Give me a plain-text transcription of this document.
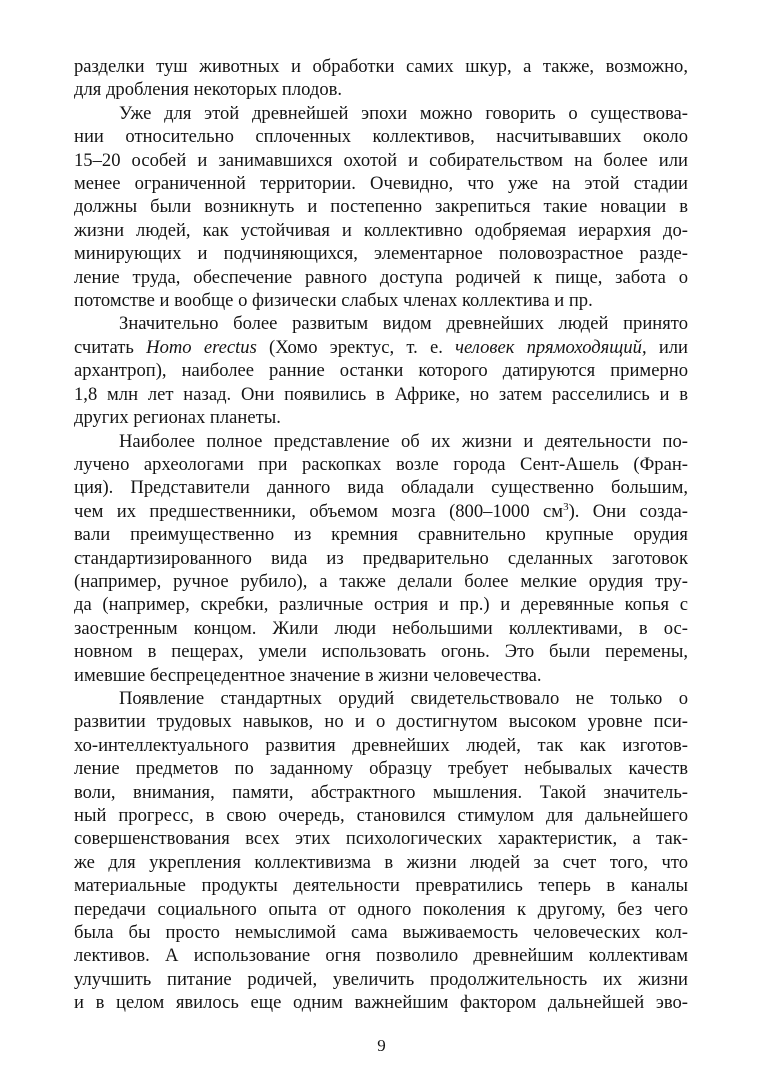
разделки туш животных и обработки самих шкур, а также, возможно,
для дробления некоторых плодов.

Уже для этой древнейшей эпохи можно говорить о существова-
нии относительно сплоченных коллективов, насчитывавших около
15–20 особей и занимавшихся охотой и собирательством на более или
менее ограниченной территории. Очевидно, что уже на этой стадии
должны были возникнуть и постепенно закрепиться такие новации в
жизни людей, как устойчивая и коллективно одобряемая иерархия до-
минирующих и подчиняющихся, элементарное половозрастное разде-
ление труда, обеспечение равного доступа родичей к пище, забота о
потомстве и вообще о физически слабых членах коллектива и пр.

Значительно более развитым видом древнейших людей принято
считать Homo erectus (Хомо эректус, т. е. человек прямоходящий, или
архантроп), наиболее ранние останки которого датируются примерно
1,8 млн лет назад. Они появились в Африке, но затем расселились и в
других регионах планеты.

Наиболее полное представление об их жизни и деятельности по-
лучено археологами при раскопках возле города Сент-Ашель (Фран-
ция). Представители данного вида обладали существенно большим,
чем их предшественники, объемом мозга (800–1000 $см^3$). Они созда-
вали преимущественно из кремния сравнительно крупные орудия
стандартизированного вида из предварительно сделанных заготовок
(например, ручное рубило), а также делали более мелкие орудия тру-
да (например, скребки, различные острия и пр.) и деревянные копья с
заостренным концом. Жили люди небольшими коллективами, в ос-
новном в пещерах, умели использовать огонь. Это были перемены,
имевшие беспрецедентное значение в жизни человечества.

Появление стандартных орудий свидетельствовало не только о
развитии трудовых навыков, но и о достигнутом высоком уровне пси-
хо-интеллектуального развития древнейших людей, так как изготов-
ление предметов по заданному образцу требует небывалых качеств
воли, внимания, памяти, абстрактного мышления. Такой значитель-
ный прогресс, в свою очередь, становился стимулом для дальнейшего
совершенствования всех этих психологических характеристик, а так-
же для укрепления коллективизма в жизни людей за счет того, что
материальные продукты деятельности превратились теперь в каналы
передачи социального опыта от одного поколения к другому, без чего
была бы просто немыслимой сама выживаемость человеческих кол-
лективов. А использование огня позволило древнейшим коллективам
улучшить питание родичей, увеличить продолжительность их жизни
и в целом явилось еще одним важнейшим фактором дальнейшей эво-

9
